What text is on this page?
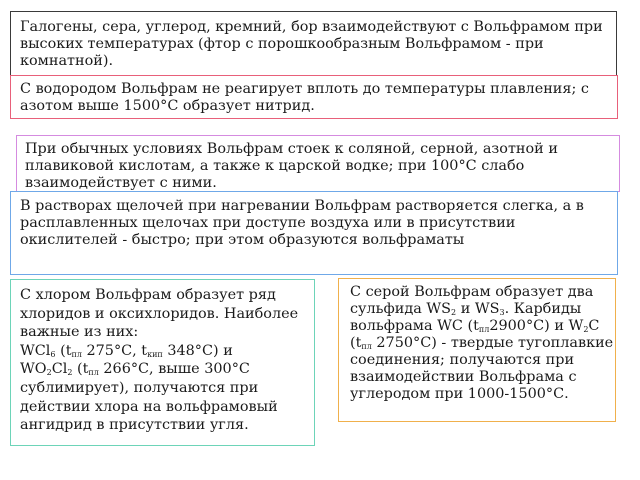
Галогены, сера, углерод, кремний, бор взаимодействуют с Вольфрамом при высоких температурах (фтор с порошкообразным Вольфрамом - при комнатной).
С водородом Вольфрам не реагирует вплоть до температуры плавления; с азотом выше 1500°С образует нитрид.
При обычных условиях Вольфрам стоек к соляной, серной, азотной и плавиковой кислотам, а также к царской водке; при 100°С слабо взаимодействует с ними.
В растворах щелочей при нагревании Вольфрам растворяется слегка, а в расплавленных щелочах при доступе воздуха или в присутствии окислителей - быстро; при этом образуются вольфраматы
С хлором Вольфрам образует ряд хлоридов и оксихлоридов. Наиболее важные из них:
WCl$_6$ ($t_{пл}$ 275°С, $t_{кип}$ 348°С) и
$WO_2Cl_2$ ($t_{пл}$ 266°С, выше 300°С сублимирует), получаются при действии хлора на вольфрамовый ангидрид в присутствии угля.
С серой Вольфрам образует два сульфида $WS_2$ и $WS_3$. Карбиды вольфрама WC $(t_{пл}2900^\circ С)$ и $W_2C$ ($t_{пл}$ 2750°С) - твердые тугоплавкие соединения; получаются при взаимодействии Вольфрама с углеродом при 1000-1500°С.
